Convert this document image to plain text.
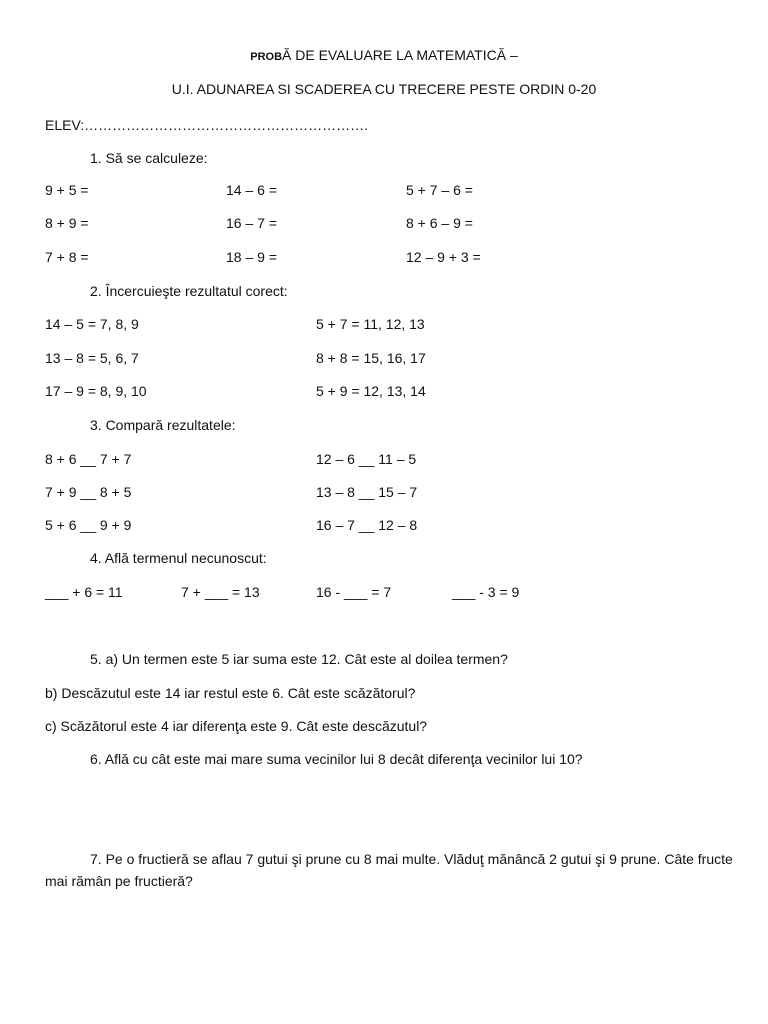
PROBĂ DE EVALUARE LA MATEMATICĂ –
U.I. ADUNAREA SI SCADEREA CU TRECERE PESTE ORDIN 0-20
ELEV:…………………………………………………….
1. Să se calculeze:
9 + 5 =	14 – 6 =	5 + 7 – 6 =
8 + 9 =	16 – 7 =	8 + 6 – 9 =
7 + 8 =	18 – 9 =	12 – 9 + 3 =
2. Încercuieşte rezultatul corect:
14 – 5 = 7, 8, 9	5 + 7 = 11, 12, 13
13 – 8 = 5, 6, 7	8 + 8 = 15, 16, 17
17 – 9 = 8, 9, 10	5 + 9 = 12, 13, 14
3. Compară rezultatele:
8 + 6 __ 7 + 7	12 – 6 __ 11 – 5
7 + 9 __ 8 + 5	13 – 8 __ 15 – 7
5 + 6 __ 9 + 9	16 – 7 __ 12 – 8
4. Află termenul necunoscut:
___ + 6 = 11	7 + ___ = 13	16 - ___ = 7	___ - 3 = 9
5. a) Un termen este 5 iar suma este 12. Cât este al doilea termen?
b) Descăzutul este 14 iar restul este 6. Cât este scăzătorul?
c) Scăzătorul este 4 iar diferenţa este 9. Cât este descăzutul?
6. Află cu cât este mai mare suma vecinilor lui 8 decât diferenţa vecinilor lui 10?
7. Pe o fructieră se aflau 7 gutui şi prune cu 8 mai multe. Vlăduţ mănâncă 2 gutui şi 9 prune. Câte fructe mai rămân pe fructieră?
